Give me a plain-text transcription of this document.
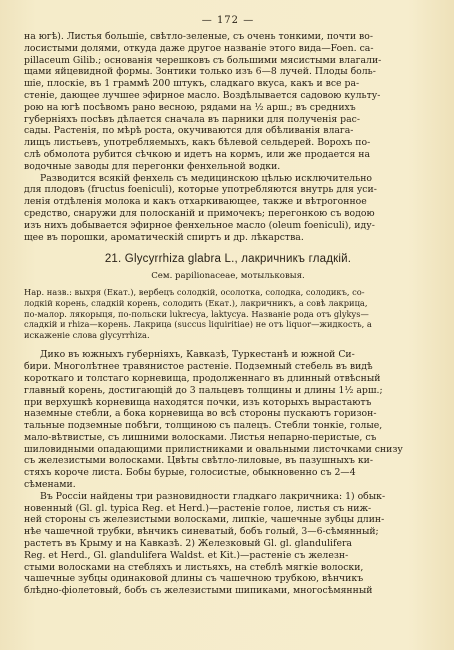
— 172 —

на югѣ). Листья большіе, свѣтло-зеленые, съ очень тонкими, почти во-

лосистыми долями, откуда даже другое названіе этого вида—Foen. ca-

pillaceum Gilib.; основанія черешковъ съ большими мясистыми влагали-

щами яйцевидной формы. Зонтики только изъ 6—8 лучей. Плоды боль-

шіе, плоскіе, въ 1 граммѣ 200 штукъ, сладкаго вкуса, какъ и все ра-

стеніе, дающее лучшее эфирное масло. Воздѣлывается садовою культу-

рою на югѣ посѣвомъ рано весною, рядами на ½ арш.; въ среднихъ

губерніяхъ посѣвъ дѣлается сначала въ парники для полученія рас-

сады. Растенія, по мѣрѣ роста, окучиваются для обѣливанія влага-

лищъ листьевъ, употребляемыхъ, какъ бѣлевой сельдерей. Ворохъ по-

слѣ обмолота рубится сѣчкою и идетъ на кормъ, или же продается на

водочные заводы для перегонки фенхельной водки.

Разводится всякій фенхель съ медицинскою цѣлью исключительно

для плодовъ (fructus foeniculi), которые употребляются внутрь для уси-

ленія отдѣленія молока и какъ отхаркивающее, также и вѣтрогонное

средство, снаружи для полосканій и примочекъ; перегонкою съ водою

изъ нихъ добывается эфирное фенхельное масло (oleum foeniculi), иду-

щее въ порошки, ароматическій спиртъ и др. лѣкарства.

21. Glycyrrhiza glabra L., лакричникъ гладкій.
Сем. papilionaceae, мотыльковыя.

Нар. назв.: выхря (Екат.), вербецъ солодкій, осолотка, солодка, солодикъ, со-

лодкій корень, сладкій корень, солодить (Екат.), лакричникъ, а совѣ лакрица,

по-малор. лякорыця, по-польски lukrecya, laktycya. Названіе рода отъ glykys—

сладкій и rhiza—корень. Лакрица (succus liquiritiae) не отъ liquor—жидкость, а

искаженіе слова glycyrrhiza.

Дико въ южныхъ губерніяхъ, Кавказѣ, Туркестанѣ и южной Си-

бири. Многолѣтнее травянистое растеніе. Подземный стебель въ видѣ

короткаго и толстаго корневища, продолженнаго въ длинный отвѣсный

главный корень, достигающій до 3 пальцевъ толщины и длины 1½ арш.;

при верхушкѣ корневища находятся почки, изъ которыхъ вырастаютъ

наземные стебли, а бока корневища во всѣ стороны пускаютъ горизон-

тальные подземные побѣги, толщиною съ палецъ. Стебли тонкіе, голые,

мало-вѣтвистые, съ лишними волосками. Листья непарно-перистые, съ

шиловидными опадающими прилистниками и овальными листочками снизу

съ железистыми волосками. Цвѣты свѣтло-лиловые, въ пазушныхъ ки-

стяхъ короче листа. Бобы бурые, голосистые, обыкновенно съ 2—4

сѣменами.

Въ Россіи найдены три разновидности гладкаго лакричника: 1) обык-

новенный (Gl. gl. typica Reg. et Herd.)—растеніе голое, листья съ ниж-

ней стороны съ железистыми волосками, липкіе, чашечные зубцы длин-

нѣе чашечной трубки, вѣнчикъ синеватый, бобъ голый, 3—6-сѣмянный;

растетъ въ Крыму и на Кавказѣ. 2) Железковый Gl. gl. glandulifera

Reg. et Herd., Gl. glandulifera Waldst. et Kit.)—растеніе съ железн-

стыми волосками на стебляхъ и листьяхъ, на стеблѣ мягкіе волоски,

чашечные зубцы одинаковой длины съ чашечною трубкою, вѣнчикъ

блѣдно-фіолетовый, бобъ съ железистыми шипиками, многосѣмянный
